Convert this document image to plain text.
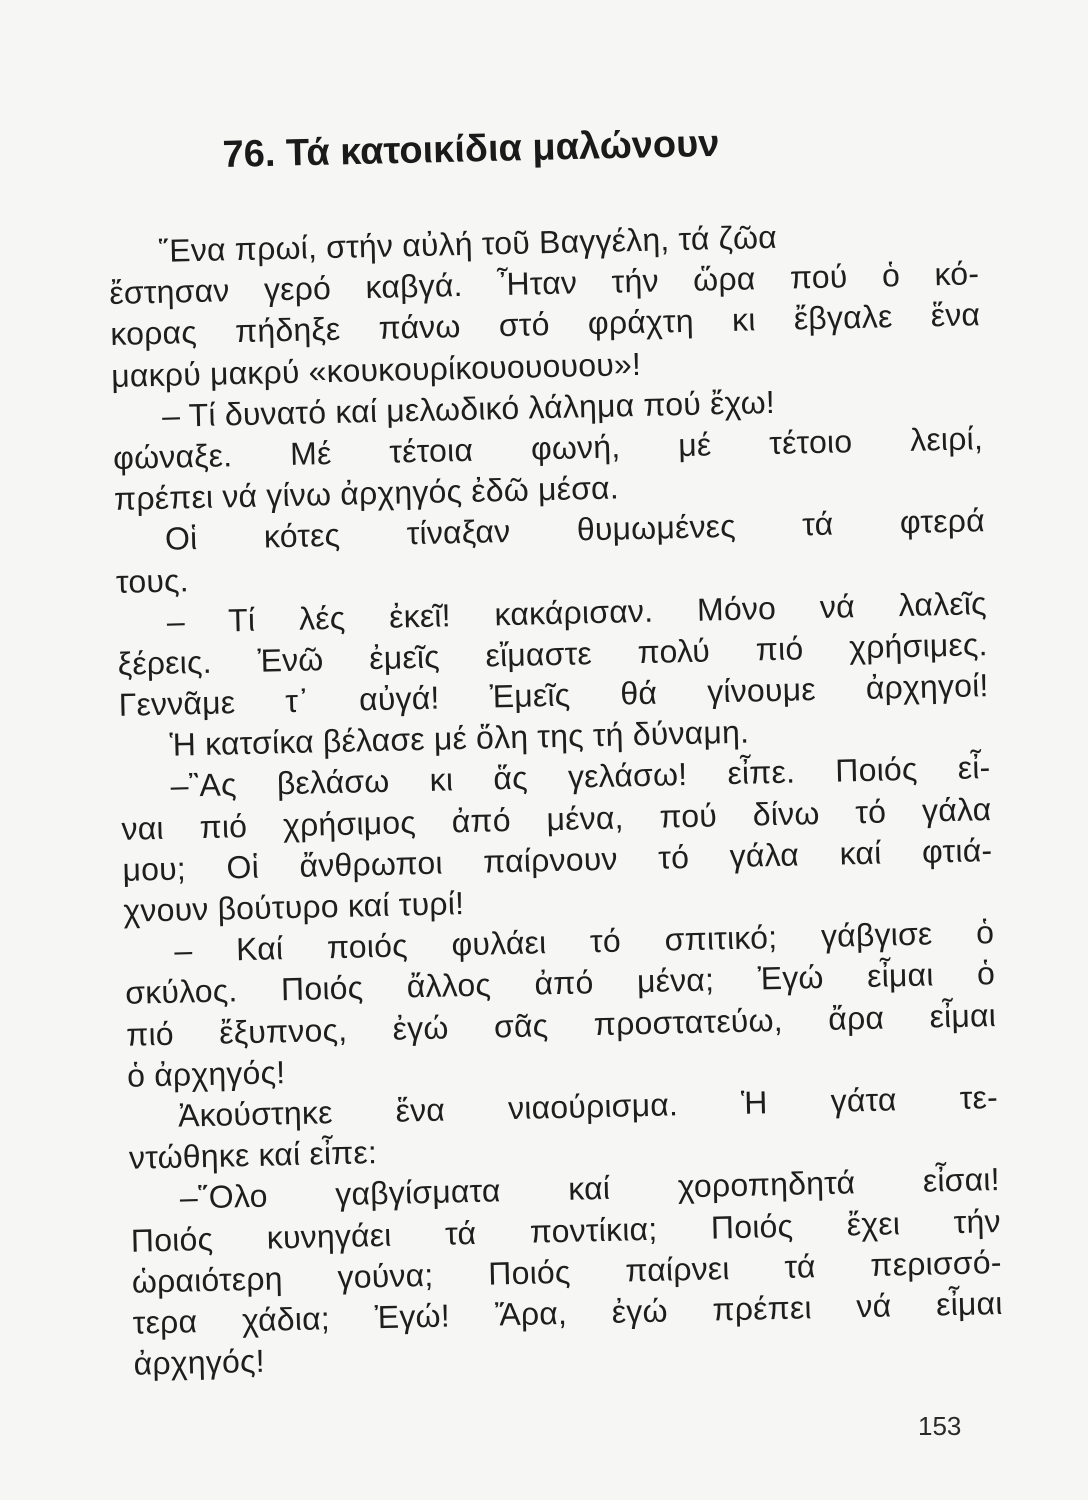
76. Τά κατοικίδια μαλώνουν
῞Ενα πρωί, στήν αὐλή τοῦ Βαγγέλη, τά ζῶα
ἔστησαν γερό καβγά. Ἦταν τήν ὥρα πού ὁ κό-
κορας πήδηξε πάνω στό φράχτη κι ἔβγαλε ἕνα
μακρύ μακρύ «κουκουρίκουουουου»!
– Τί δυνατό καί μελωδικό λάλημα πού ἔχω!
φώναξε. Μέ τέτοια φωνή, μέ τέτοιο λειρί,
πρέπει νά γίνω ἀρχηγός ἐδῶ μέσα.
Οἱ κότες τίναξαν θυμωμένες τά φτερά
τους.
– Τί λές ἐκεῖ! κακάρισαν. Μόνο νά λαλεῖς
ξέρεις. Ἐνῶ ἐμεῖς εἴμαστε πολύ πιό χρήσιμες.
Γεννᾶμε τ᾽ αὐγά! Ἐμεῖς θά γίνουμε ἀρχηγοί!
Ἡ κατσίκα βέλασε μέ ὅλη της τή δύναμη.
–῍Ας βελάσω κι ἅς γελάσω! εἶπε. Ποιός εἶ-
ναι πιό χρήσιμος ἀπό μένα, πού δίνω τό γάλα
μου; Οἱ ἄνθρωποι παίρνουν τό γάλα καί φτιά-
χνουν βούτυρο καί τυρί!
– Καί ποιός φυλάει τό σπιτικό; γάβγισε ὁ
σκύλος. Ποιός ἄλλος ἀπό μένα; Ἐγώ εἶμαι ὁ
πιό ἔξυπνος, ἐγώ σᾶς προστατεύω, ἄρα εἶμαι
ὁ ἀρχηγός!
Ἀκούστηκε ἕνα νιαούρισμα. Ἡ γάτα τε-
ντώθηκε καί εἶπε:
–῞Ολο γαβγίσματα καί χοροπηδητά εἶσαι!
Ποιός κυνηγάει τά ποντίκια; Ποιός ἔχει τήν
ὡραιότερη γούνα; Ποιός παίρνει τά περισσό-
τερα χάδια; Ἐγώ! Ἄρα, ἐγώ πρέπει νά εἶμαι
ἀρχηγός!
153
